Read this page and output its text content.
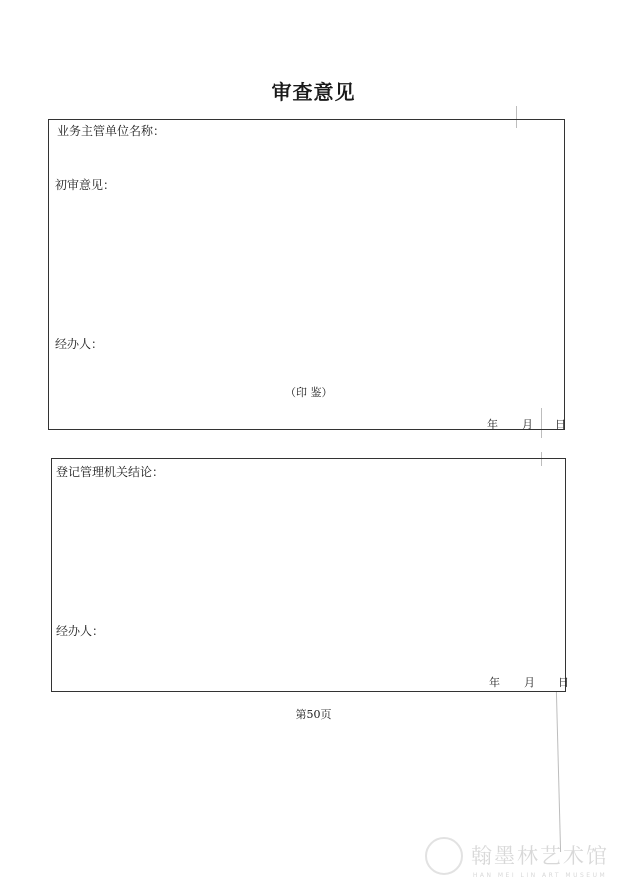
审查意见
业务主管单位名称：
初审意见：
经办人：
（印 鉴）
年 月 日
登记管理机关结论：
经办人：
年 月 日
第50页
翰墨林艺术馆
HAN MEI LIN ART MUSEUM
